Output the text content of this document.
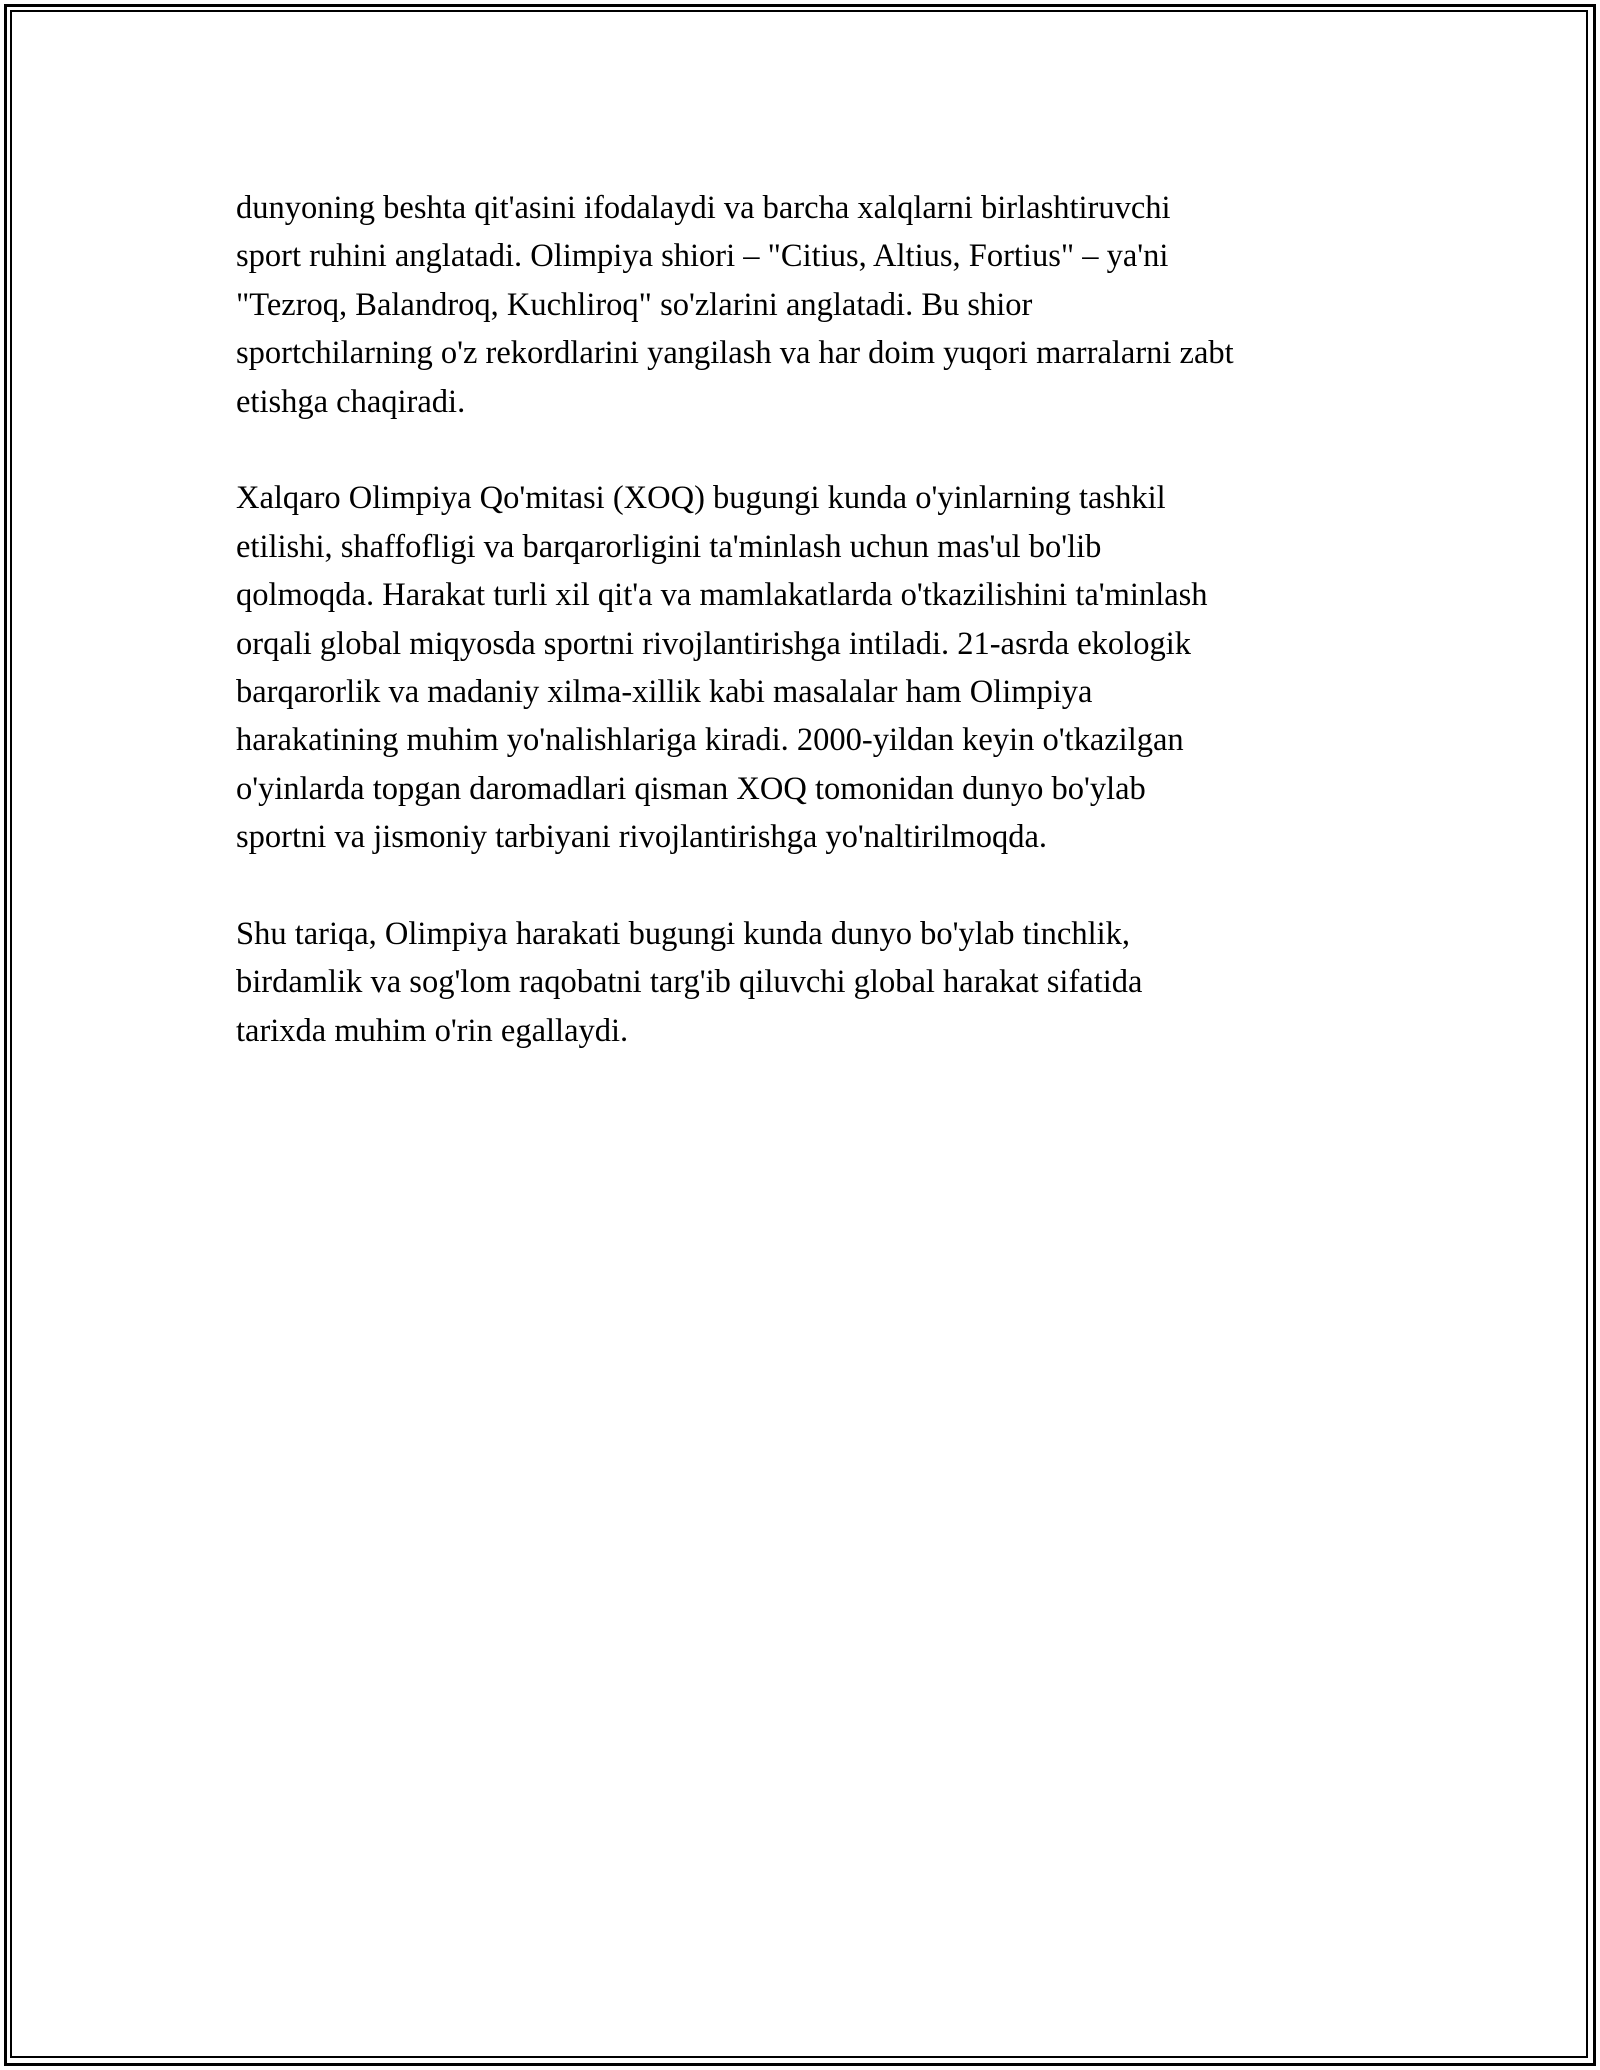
dunyoning beshta qit'asini ifodalaydi va barcha xalqlarni birlashtiruvchi
sport ruhini anglatadi. Olimpiya shiori – "Citius, Altius, Fortius" – ya'ni
"Tezroq, Balandroq, Kuchliroq" so'zlarini anglatadi. Bu shior
sportchilarning o'z rekordlarini yangilash va har doim yuqori marralarni zabt
etishga chaqiradi.

Xalqaro Olimpiya Qo'mitasi (XOQ) bugungi kunda o'yinlarning tashkil
etilishi, shaffofligi va barqarorligini ta'minlash uchun mas'ul bo'lib
qolmoqda. Harakat turli xil qit'a va mamlakatlarda o'tkazilishini ta'minlash
orqali global miqyosda sportni rivojlantirishga intiladi. 21-asrda ekologik
barqarorlik va madaniy xilma-xillik kabi masalalar ham Olimpiya
harakatining muhim yo'nalishlariga kiradi. 2000-yildan keyin o'tkazilgan
o'yinlarda topgan daromadlari qisman XOQ tomonidan dunyo bo'ylab
sportni va jismoniy tarbiyani rivojlantirishga yo'naltirilmoqda.

Shu tariqa, Olimpiya harakati bugungi kunda dunyo bo'ylab tinchlik,
birdamlik va sog'lom raqobatni targ'ib qiluvchi global harakat sifatida
tarixda muhim o'rin egallaydi.
